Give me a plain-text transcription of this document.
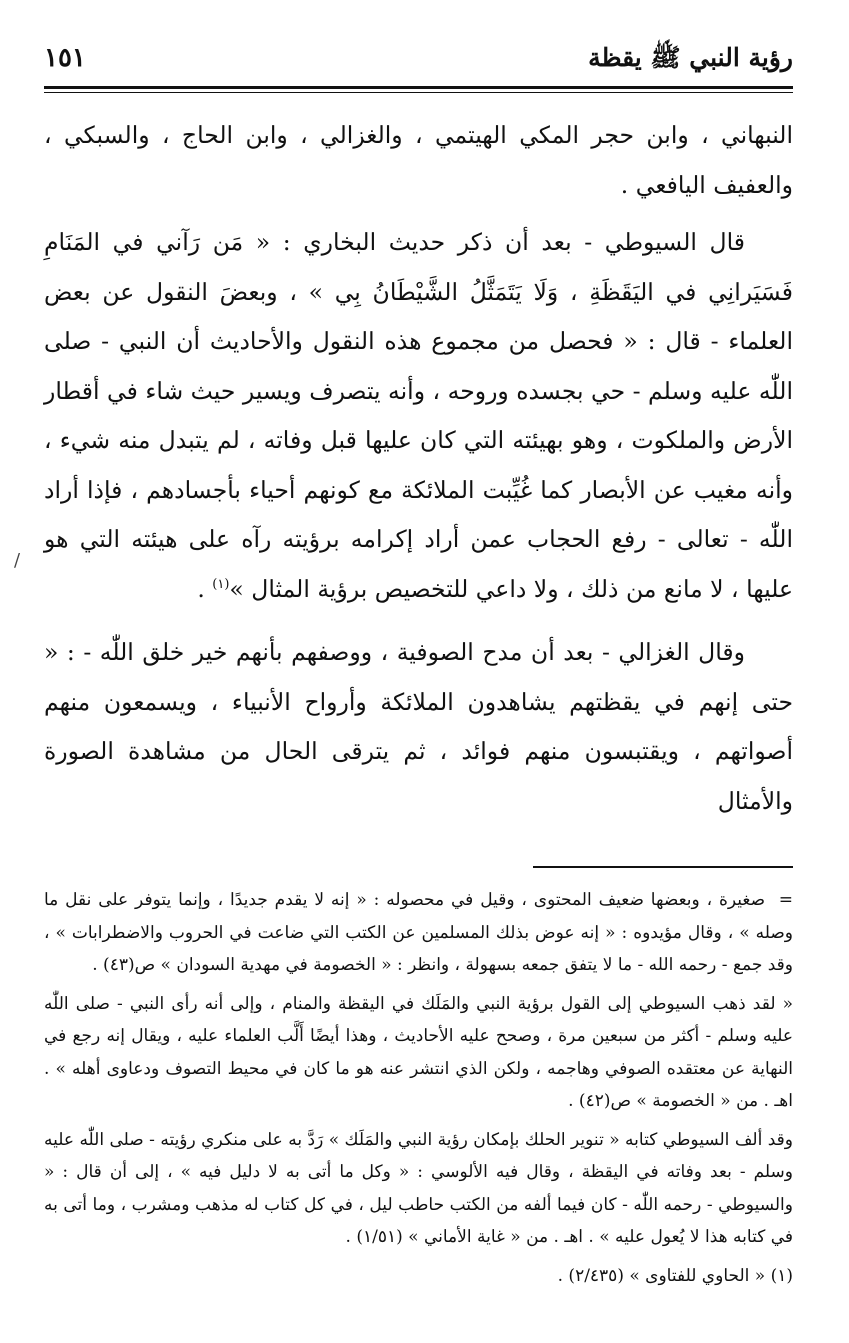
رؤية النبي ﷺ يقظة
١٥١

النبهاني ، وابن حجر المكي الهيتمي ، والغزالي ، وابن الحاج ، والسبكي ، والعفيف اليافعي .

قال السيوطي - بعد أن ذكر حديث البخاري : « مَن رَآني في المَنَامِ فَسَيَرانِي في اليَقَظَةِ ، وَلَا يَتَمَثَّلُ الشَّيْطَانُ بِي » ، وبعضَ النقول عن بعض العلماء - قال : « فحصل من مجموع هذه النقول والأحاديث أن النبي - صلى اللّٰه عليه وسلم - حي بجسده وروحه ، وأنه يتصرف ويسير حيث شاء في أقطار الأرض والملكوت ، وهو بهيئته التي كان عليها قبل وفاته ، لم يتبدل منه شيء ، وأنه مغيب عن الأبصار كما غُيِّبت الملائكة مع كونهم أحياء بأجسادهم ، فإذا أراد اللّٰه - تعالى - رفع الحجاب عمن أراد إكرامه برؤيته رآه على هيئته التي هو عليها ، لا مانع من ذلك ، ولا داعي للتخصيص برؤية المثال »$^{(١)}$ .

وقال الغزالي - بعد أن مدح الصوفية ، ووصفهم بأنهم خير خلق اللّٰه - : « حتى إنهم في يقظتهم يشاهدون الملائكة وأرواح الأنبياء ، ويسمعون منهم أصواتهم ، ويقتبسون منهم فوائد ، ثم يترقى الحال من مشاهدة الصورة والأمثال

/

=صغيرة ، وبعضها ضعيف المحتوى ، وقيل في محصوله : « إنه لا يقدم جديدًا ، وإنما يتوفر على نقل ما وصله » ، وقال مؤيدوه : « إنه عوض بذلك المسلمين عن الكتب التي ضاعت في الحروب والاضطرابات » ، وقد جمع - رحمه الله - ما لا يتفق جمعه بسهولة ، وانظر : « الخصومة في مهدية السودان » ص(٤٣) .

« لقد ذهب السيوطي إلى القول برؤية النبي والمَلَك في اليقظة والمنام ، وإلى أنه رأى النبي - صلى اللّٰه عليه وسلم - أكثر من سبعين مرة ، وصحح عليه الأحاديث ، وهذا أيضًا أَلَّب العلماء عليه ، ويقال إنه رجع في النهاية عن معتقده الصوفي وهاجمه ، ولكن الذي انتشر عنه هو ما كان في محيط التصوف ودعاوى أهله » . اهـ . من « الخصومة » ص(٤٢) .

وقد ألف السيوطي كتابه « تنوير الحلك بإمكان رؤية النبي والمَلَك » رَدَّ به على منكري رؤيته - صلى اللّٰه عليه وسلم - بعد وفاته في اليقظة ، وقال فيه الألوسي : « وكل ما أتى به لا دليل فيه » ، إلى أن قال : « والسيوطي - رحمه اللّٰه - كان فيما ألفه من الكتب حاطب ليل ، في كل كتاب له مذهب ومشرب ، وما أتى به في كتابه هذا لا يُعول عليه » . اهـ . من « غاية الأماني » (١/٥١) .

(١) « الحاوي للفتاوى » (٢/٤٣٥) .
